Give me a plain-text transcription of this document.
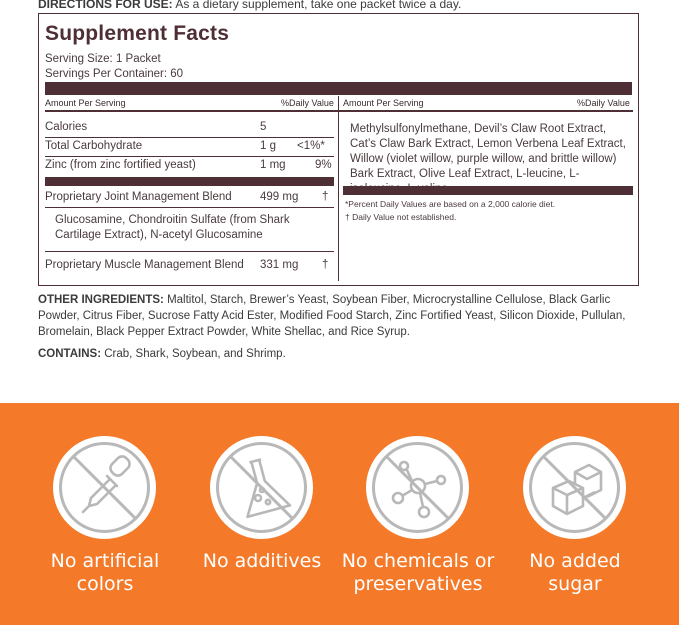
DIRECTIONS FOR USE: As a dietary supplement, take one packet twice a day.
Supplement Facts
Serving Size: 1 Packet
Servings Per Container: 60
Amount Per Serving	%Daily Value Amount Per Serving	%Daily Value
Calories	5
Total Carbohydrate	1 g <1%*
Zinc (from zinc fortified yeast)	1 mg	9%
Proprietary Joint Management Blend 499 mg †
Glucosamine, Chondroitin Sulfate (from Shark Cartilage Extract), N-acetyl Glucosamine
Proprietary Muscle Management Blend 331 mg †
Methylsulfonylmethane, Devil’s Claw Root Extract, Cat’s Claw Bark Extract, Lemon Verbena Leaf Extract, Willow (violet willow, purple willow, and brittle willow) Bark Extract, Olive Leaf Extract, L-leucine, L-
*Percent Daily Values are based on a 2,000 calorie diet.
† Daily Value not established.
OTHER INGREDIENTS: Maltitol, Starch, Brewer’s Yeast, Soybean Fiber, Microcrystalline Cellulose, Black Garlic Powder, Citrus Fiber, Sucrose Fatty Acid Ester, Modified Food Starch, Zinc Fortified Yeast, Silicon Dioxide, Pullulan, Bromelain, Black Pepper Extract Powder, White Shellac, and Rice Syrup.
CONTAINS: Crab, Shark, Soybean, and Shrimp.
No artificial
colors
No additives	No chemicals or
preservatives
No added
sugar
